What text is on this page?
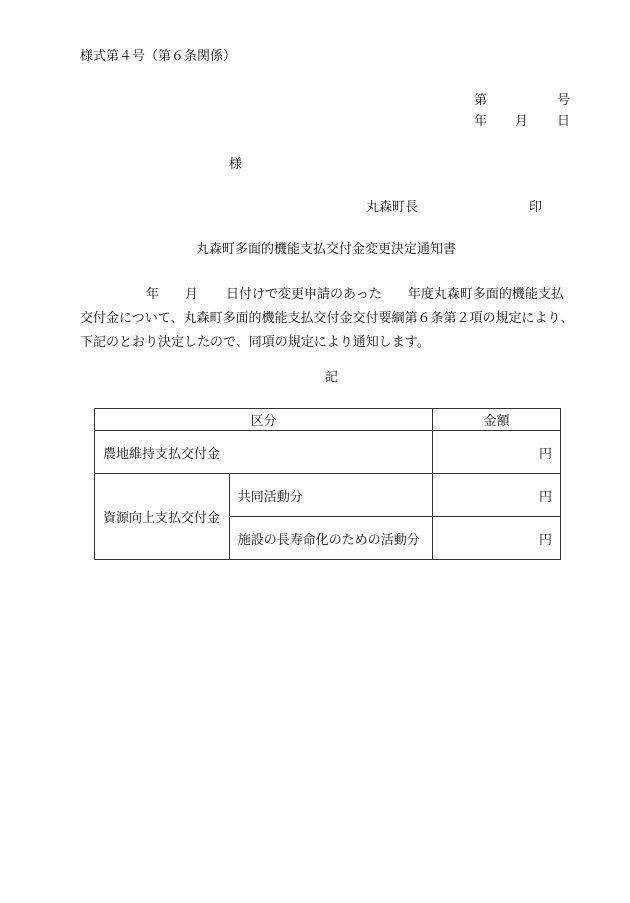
様式第４号（第６条関係）
第	号
年 月 日
様
丸森町長	印
丸森町多面的機能支払交付金変更決定通知書
年 月 日付けで変更申請のあった　　年度丸森町多面的機能支払
交付金について、丸森町多面的機能支払交付金交付要綱第６条第２項の規定により、
下記のとおり決定したので、同項の規定により通知します。
記
区分		金額
農地維持支払交付金		円
資源向上支払交付金	共同活動分	円
	施設の長寿命化のための活動分	円
